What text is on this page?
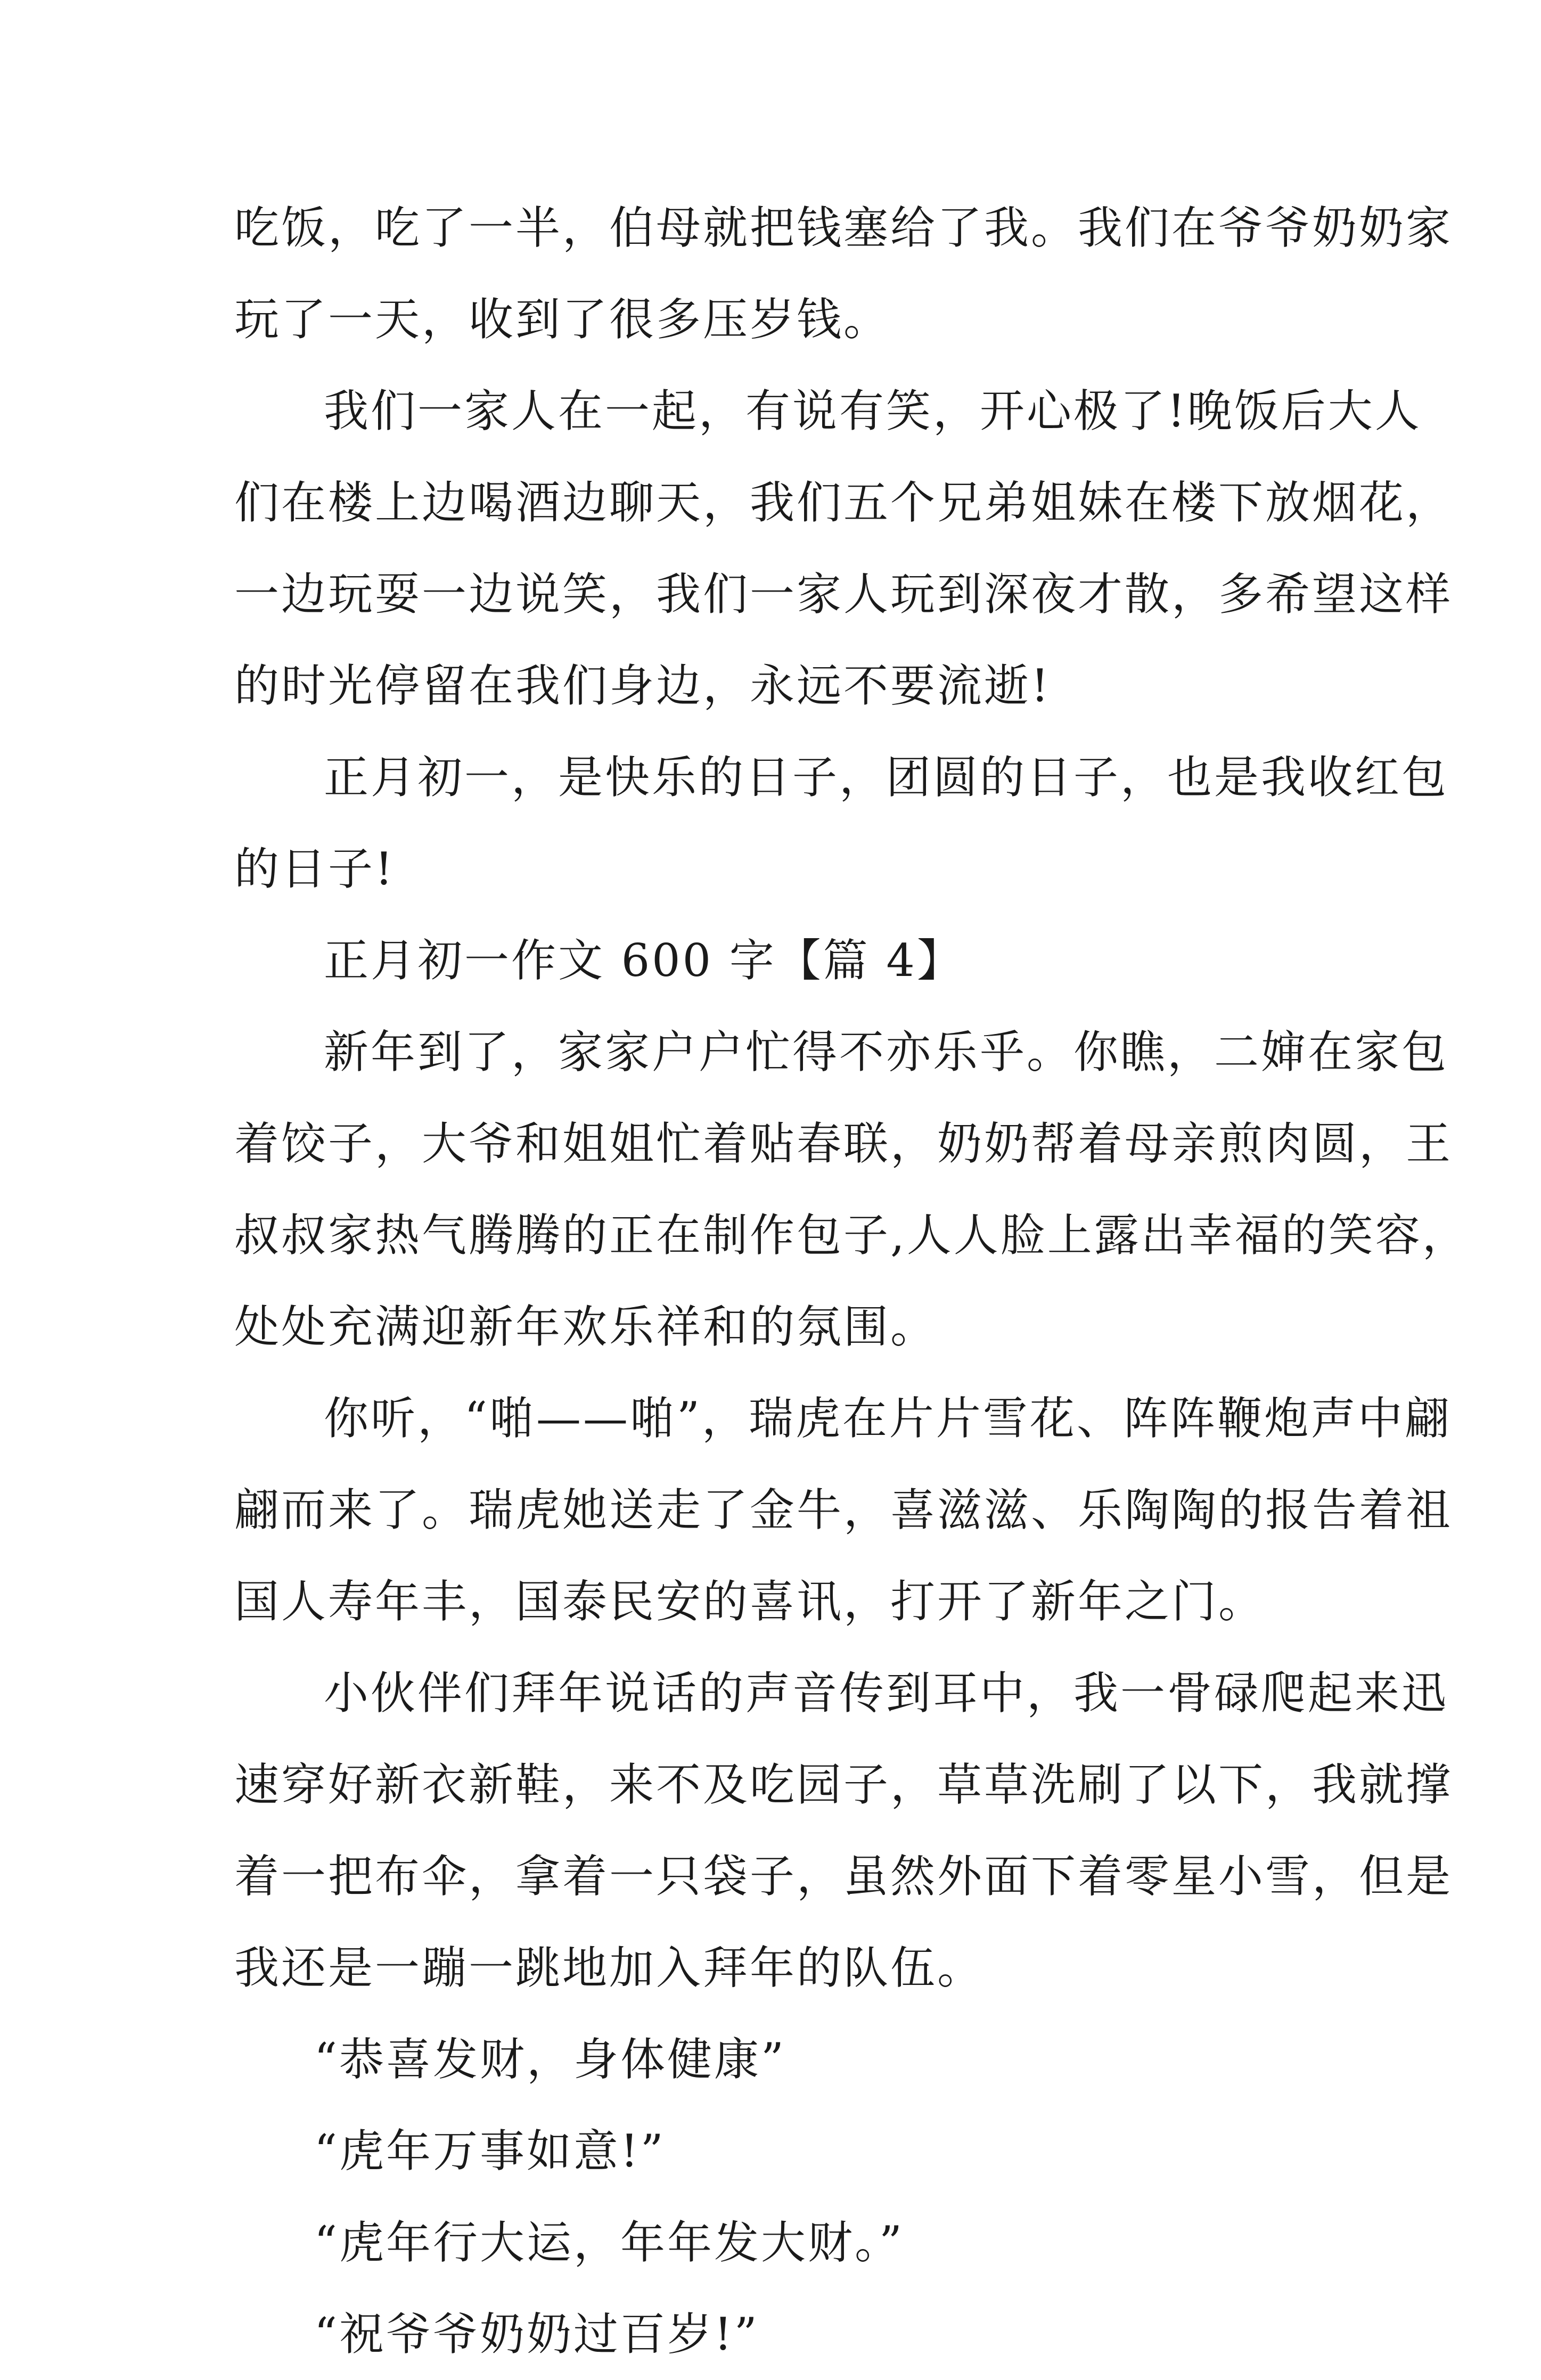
吃饭，吃了一半，伯母就把钱塞给了我。我们在爷爷奶奶家
玩了一天，收到了很多压岁钱。
我们一家人在一起，有说有笑，开心极了!晚饭后大人
们在楼上边喝酒边聊天，我们五个兄弟姐妹在楼下放烟花，
一边玩耍一边说笑，我们一家人玩到深夜才散，多希望这样
的时光停留在我们身边，永远不要流逝!
正月初一，是快乐的日子，团圆的日子，也是我收红包
的日子!
正月初一作文 600 字【篇 4】
新年到了，家家户户忙得不亦乐乎。你瞧，二婶在家包
着饺子，大爷和姐姐忙着贴春联，奶奶帮着母亲煎肉圆，王
叔叔家热气腾腾的正在制作包子,人人脸上露出幸福的笑容，
处处充满迎新年欢乐祥和的氛围。
你听，“啪——啪”，瑞虎在片片雪花、阵阵鞭炮声中翩
翩而来了。瑞虎她送走了金牛，喜滋滋、乐陶陶的报告着祖
国人寿年丰，国泰民安的喜讯，打开了新年之门。
小伙伴们拜年说话的声音传到耳中，我一骨碌爬起来迅
速穿好新衣新鞋，来不及吃园子，草草洗刷了以下，我就撑
着一把布伞，拿着一只袋子，虽然外面下着零星小雪，但是
我还是一蹦一跳地加入拜年的队伍。
“恭喜发财，身体健康”
“虎年万事如意!”
“虎年行大运，年年发大财。”
“祝爷爷奶奶过百岁!”
